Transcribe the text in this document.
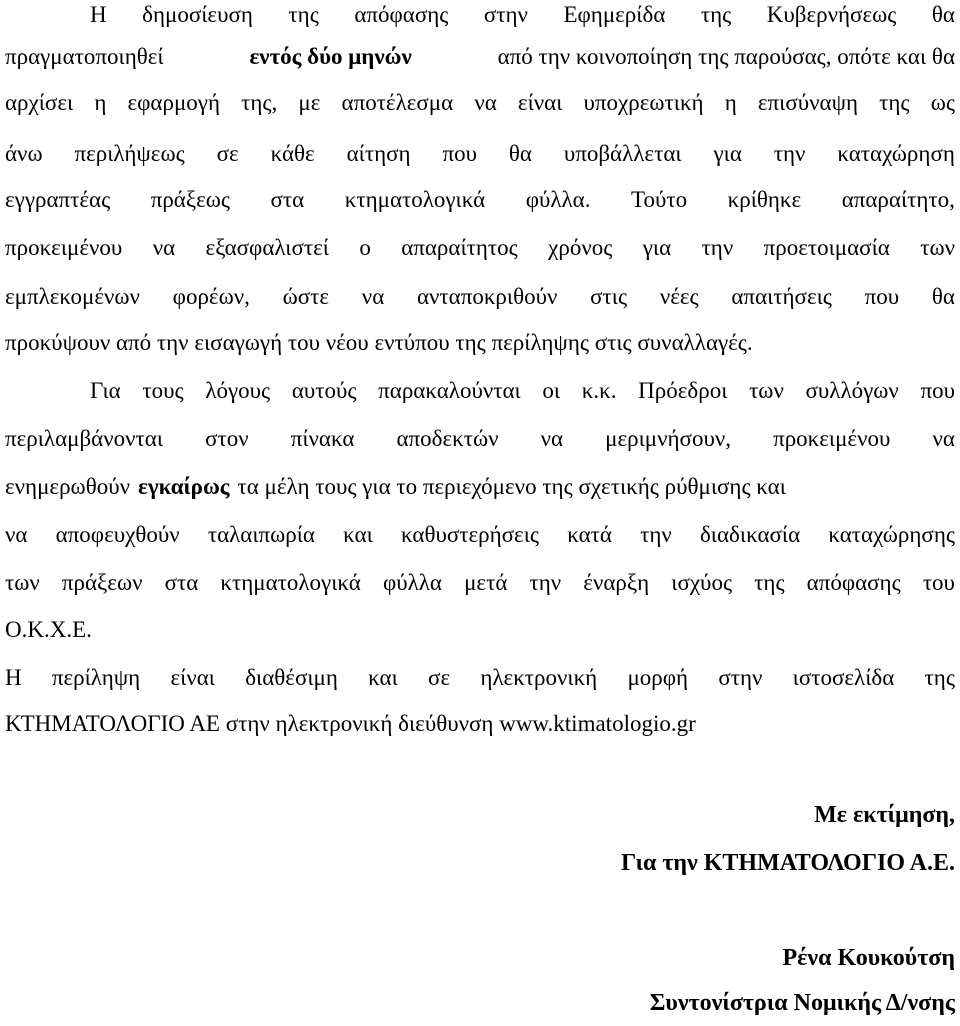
Η δημοσίευση της απόφασης στην Εφημερίδα της Κυβερνήσεως θα
πραγματοποιηθεί	εντός δύο μηνών	από την κοινοποίηση της παρούσας, οπότε και θα
αρχίσει η εφαρμογή της, με αποτέλεσμα να είναι υποχρεωτική η επισύναψη της ως
άνω περιλήψεως σε κάθε αίτηση που θα υποβάλλεται για την καταχώρηση
εγγραπτέας πράξεως στα κτηματολογικά φύλλα. Τούτο κρίθηκε απαραίτητο,
προκειμένου να εξασφαλιστεί ο απαραίτητος χρόνος για την προετοιμασία των
εμπλεκομένων φορέων, ώστε να ανταποκριθούν στις νέες απαιτήσεις που θα
προκύψουν από την εισαγωγή του νέου εντύπου της περίληψης στις συναλλαγές.
Για τους λόγους αυτούς παρακαλούνται οι κ.κ. Πρόεδροι των συλλόγων που
περιλαμβάνονται στον πίνακα αποδεκτών να μεριμνήσουν, προκειμένου να
ενημερωθούν εγκαίρως τα μέλη τους για το περιεχόμενο της σχετικής ρύθμισης και
να αποφευχθούν ταλαιπωρία και καθυστερήσεις κατά την διαδικασία καταχώρησης
των πράξεων στα κτηματολογικά φύλλα μετά την έναρξη ισχύος της απόφασης του
Ο.Κ.Χ.Ε.
Η περίληψη είναι διαθέσιμη και σε ηλεκτρονική μορφή στην ιστοσελίδα της
ΚΤΗΜΑΤΟΛΟΓΙΟ ΑΕ στην ηλεκτρονική διεύθυνση www.ktimatologio.gr
Με εκτίμηση,
Για την ΚΤΗΜΑΤΟΛΟΓΙΟ Α.Ε.
Ρένα Κουκούτση
Συντονίστρια Νομικής Δ/νσης
